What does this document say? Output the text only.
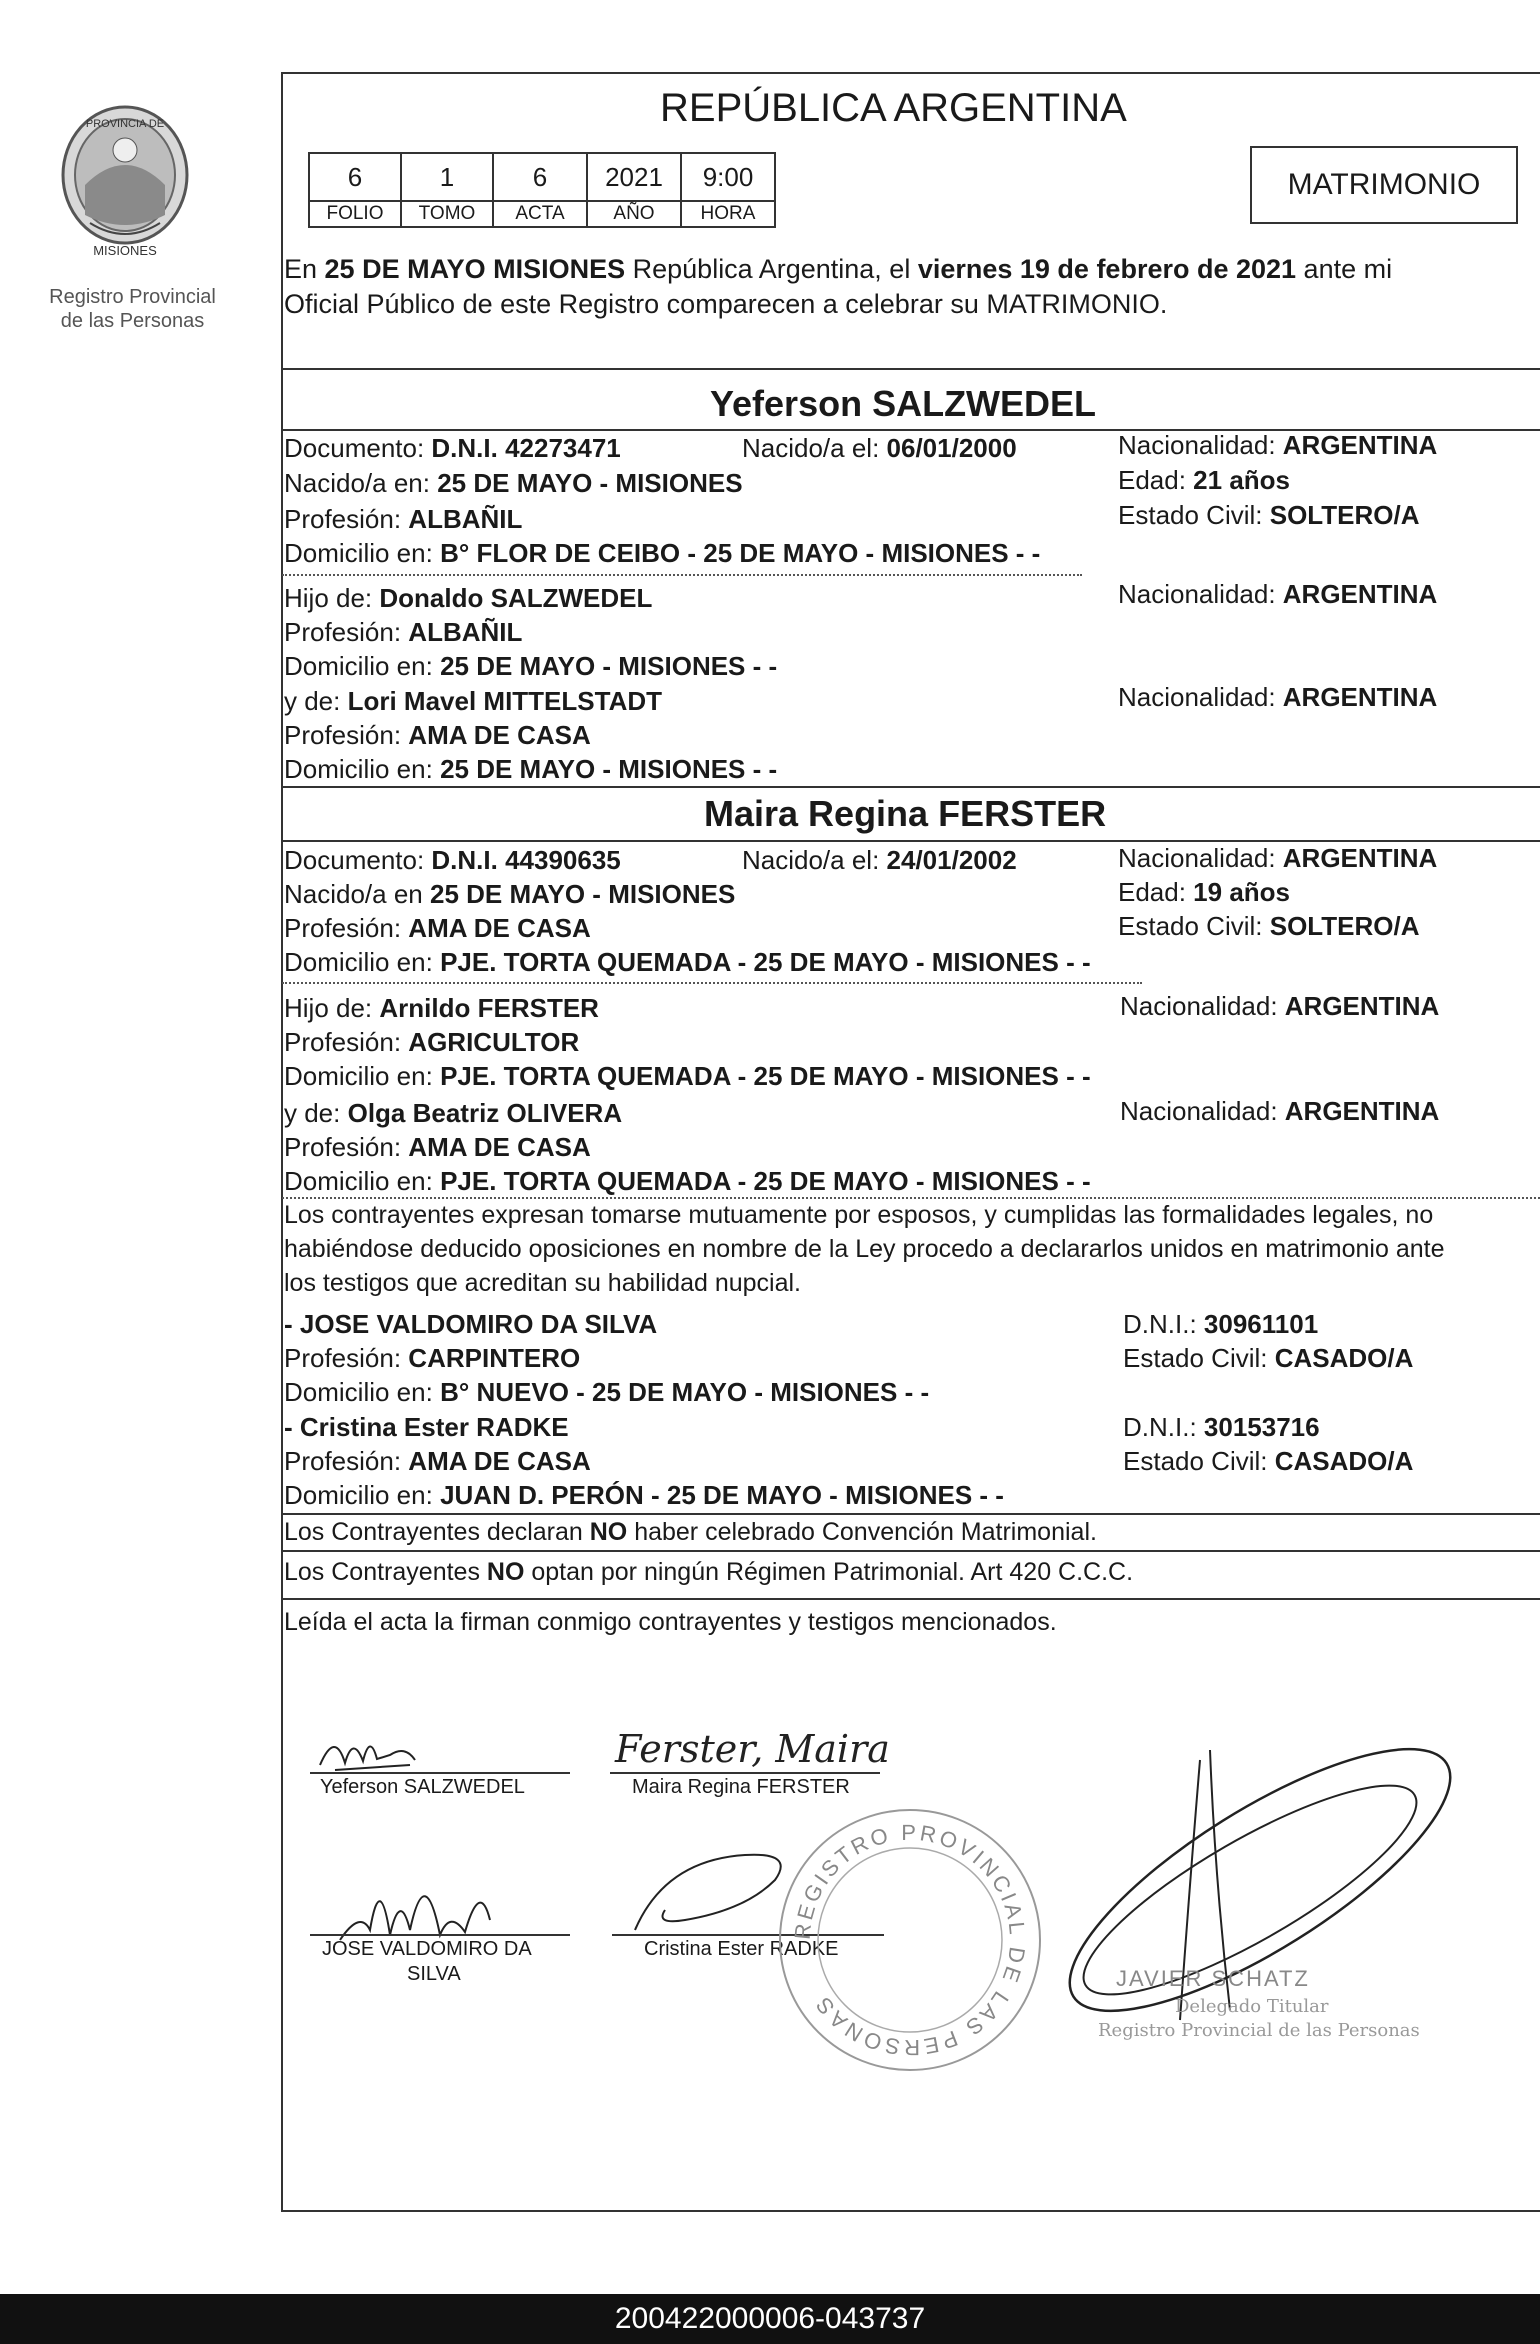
PROVINCIA DE
MISIONES
Registro Provincial
de las Personas
REPÚBLICA ARGENTINA
6	1	6	2021	9:00
FOLIO	TOMO	ACTA	AÑO	HORA
MATRIMONIO
En 25 DE MAYO MISIONES República Argentina, el viernes 19 de febrero de 2021 ante mi
Oficial Público de este Registro comparecen a celebrar su MATRIMONIO.
Yeferson SALZWEDEL
Documento: D.N.I. 42273471	Nacido/a el: 06/01/2000	Nacionalidad: ARGENTINA
Nacido/a en: 25 DE MAYO - MISIONES	Edad: 21 años
Profesión: ALBAÑIL	Estado Civil: SOLTERO/A
Domicilio en: B° FLOR DE CEIBO - 25 DE MAYO - MISIONES - -
Hijo de: Donaldo SALZWEDEL	Nacionalidad: ARGENTINA
Profesión: ALBAÑIL
Domicilio en: 25 DE MAYO - MISIONES - -
y de: Lori Mavel MITTELSTADT	Nacionalidad: ARGENTINA
Profesión: AMA DE CASA
Domicilio en: 25 DE MAYO - MISIONES - -
Maira Regina FERSTER
Documento: D.N.I. 44390635	Nacido/a el: 24/01/2002	Nacionalidad: ARGENTINA
Nacido/a en 25 DE MAYO - MISIONES	Edad: 19 años
Profesión: AMA DE CASA	Estado Civil: SOLTERO/A
Domicilio en: PJE. TORTA QUEMADA - 25 DE MAYO - MISIONES - -
Hijo de: Arnildo FERSTER	Nacionalidad: ARGENTINA
Profesión: AGRICULTOR
Domicilio en: PJE. TORTA QUEMADA - 25 DE MAYO - MISIONES - -
y de: Olga Beatriz OLIVERA	Nacionalidad: ARGENTINA
Profesión: AMA DE CASA
Domicilio en: PJE. TORTA QUEMADA - 25 DE MAYO - MISIONES - -
Los contrayentes expresan tomarse mutuamente por esposos, y cumplidas las formalidades legales, no
habiéndose deducido oposiciones en nombre de la Ley procedo a declararlos unidos en matrimonio ante
los testigos que acreditan su habilidad nupcial.
- JOSE VALDOMIRO DA SILVA	D.N.I.: 30961101
Profesión: CARPINTERO	Estado Civil: CASADO/A
Domicilio en: B° NUEVO - 25 DE MAYO - MISIONES - -
- Cristina Ester RADKE	D.N.I.: 30153716
Profesión: AMA DE CASA	Estado Civil: CASADO/A
Domicilio en: JUAN D. PERÓN - 25 DE MAYO - MISIONES - -
Los Contrayentes declaran NO haber celebrado Convención Matrimonial.
Los Contrayentes NO optan por ningún Régimen Patrimonial. Art 420 C.C.C.
Leída el acta la firman conmigo contrayentes y testigos mencionados.
Yeferson SALZWEDEL
Ferster, Maira
Maira Regina FERSTER
JOSE VALDOMIRO DA
SILVA
Cristina Ester RADKE
REGISTRO PROVINCIAL DE LAS PERSONAS
JAVIER SCHATZ
Delegado Titular
Registro Provincial de las Personas
200422000006-043737
